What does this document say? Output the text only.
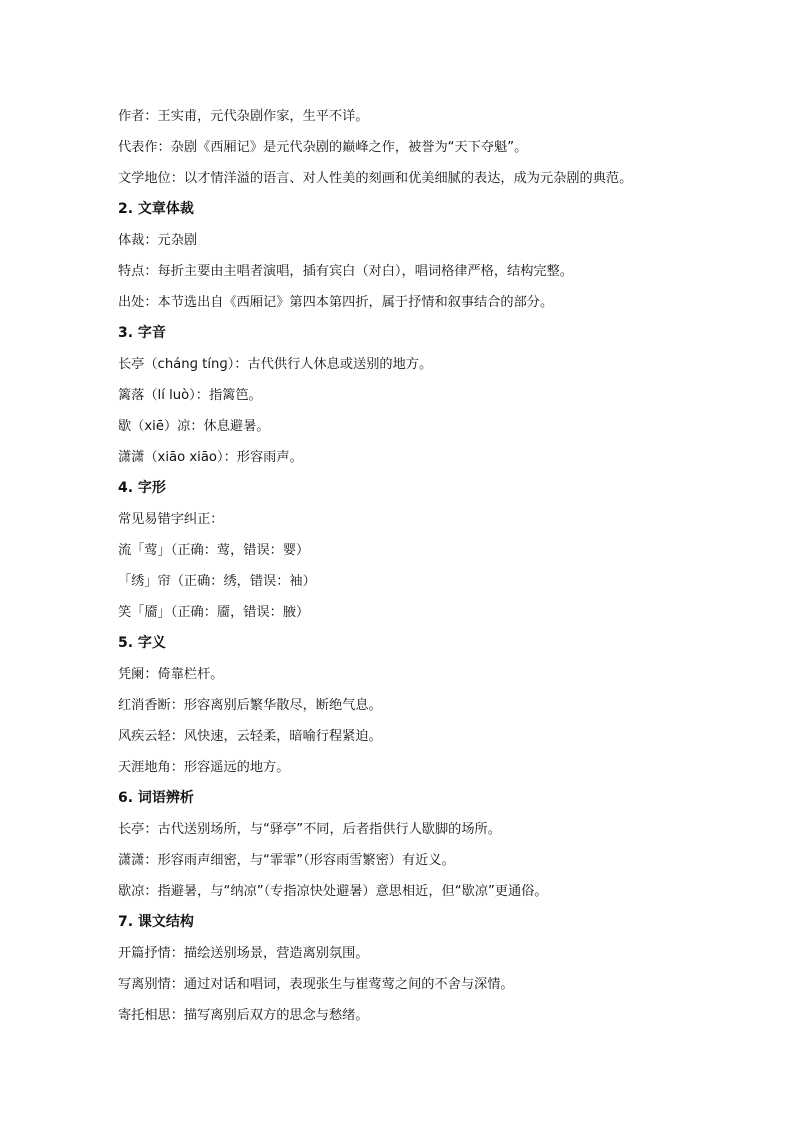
作者：王实甫，元代杂剧作家，生平不详。
代表作：杂剧《西厢记》是元代杂剧的巅峰之作，被誉为“天下夺魁”。
文学地位：以才情洋溢的语言、对人性美的刻画和优美细腻的表达，成为元杂剧的典范。
2. 文章体裁
体裁：元杂剧
特点：每折主要由主唱者演唱，插有宾白（对白），唱词格律严格，结构完整。
出处：本节选出自《西厢记》第四本第四折，属于抒情和叙事结合的部分。
3. 字音
长亭（chánɡ tínɡ）：古代供行人休息或送别的地方。
篱落（lí luò）：指篱笆。
歇（xiē）凉：休息避暑。
潇潇（xiāo xiāo）：形容雨声。
4. 字形
常见易错字纠正：
流「莺」（正确：莺，错误：婴）
「绣」帘（正确：绣，错误：袖）
笑「靥」（正确：靥，错误：腋）
5. 字义
凭阑：倚靠栏杆。
红消香断：形容离别后繁华散尽，断绝气息。
风疾云轻：风快速，云轻柔，暗喻行程紧迫。
天涯地角：形容遥远的地方。
6. 词语辨析
长亭：古代送别场所，与“驿亭”不同，后者指供行人歇脚的场所。
潇潇：形容雨声细密，与“霏霏”（形容雨雪繁密）有近义。
歇凉：指避暑，与“纳凉”（专指凉快处避暑）意思相近，但“歇凉”更通俗。
7. 课文结构
开篇抒情：描绘送别场景，营造离别氛围。
写离别情：通过对话和唱词，表现张生与崔莺莺之间的不舍与深情。
寄托相思：描写离别后双方的思念与愁绪。
